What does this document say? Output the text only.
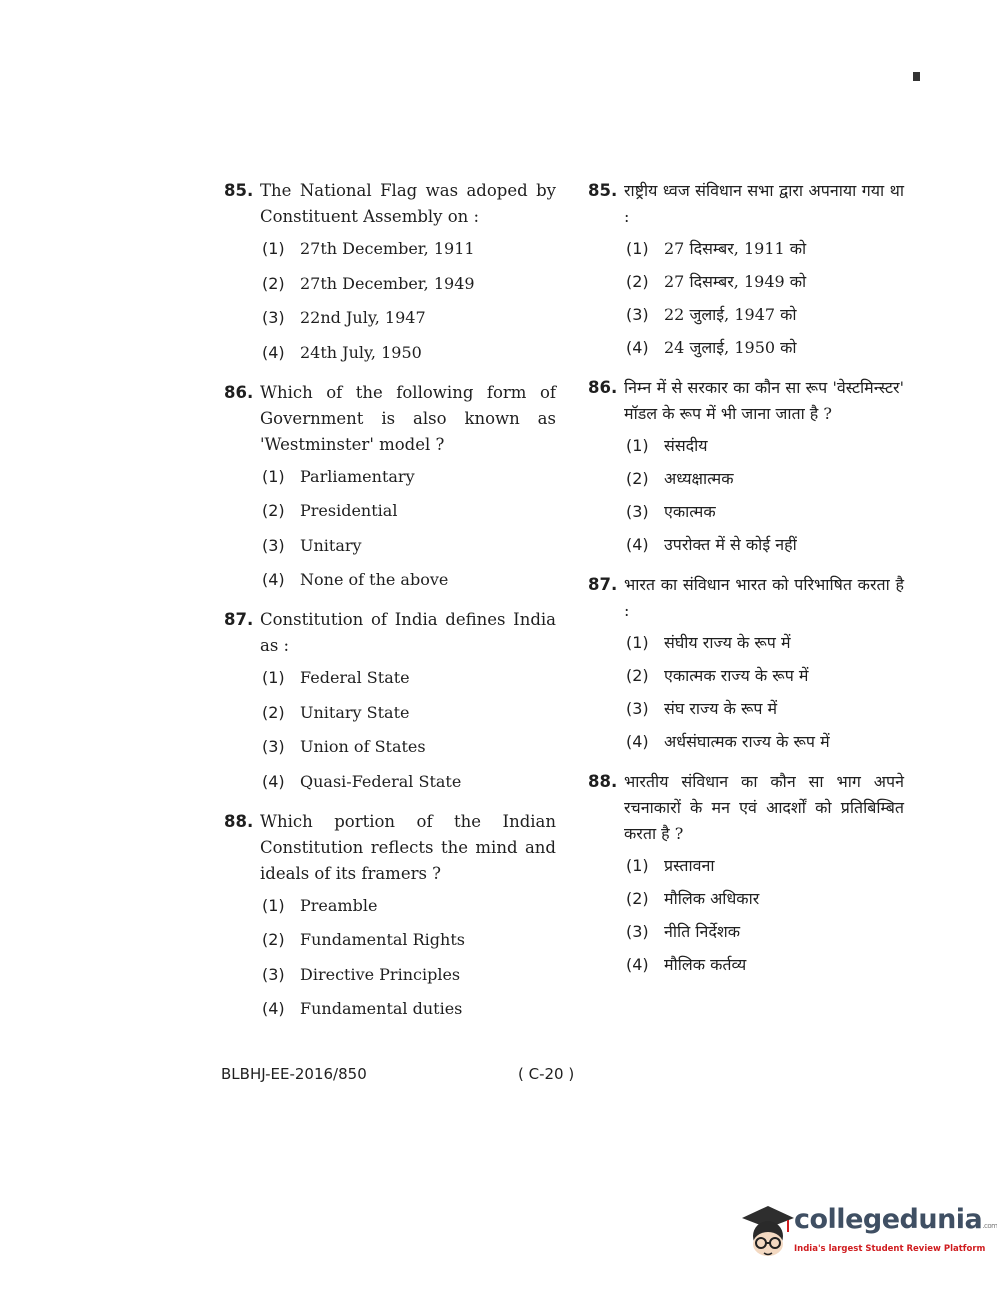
85. The National Flag was adoped by Constituent Assembly on :
(1) 27th December, 1911
(2) 27th December, 1949
(3) 22nd July, 1947
(4) 24th July, 1950
86. Which of the following form of Government is also known as 'Westminster' model ?
(1) Parliamentary
(2) Presidential
(3) Unitary
(4) None of the above
87. Constitution of India defines India as :
(1) Federal State
(2) Unitary State
(3) Union of States
(4) Quasi-Federal State
88. Which portion of the Indian Constitution reflects the mind and ideals of its framers ?
(1) Preamble
(2) Fundamental Rights
(3) Directive Principles
(4) Fundamental duties
85. राष्ट्रीय ध्वज संविधान सभा द्वारा अपनाया गया था :
(1) 27 दिसम्बर, 1911 को
(2) 27 दिसम्बर, 1949 को
(3) 22 जुलाई, 1947 को
(4) 24 जुलाई, 1950 को
86. निम्न में से सरकार का कौन सा रूप 'वेस्टमिन्स्टर' मॉडल के रूप में भी जाना जाता है ?
(1) संसदीय
(2) अध्यक्षात्मक
(3) एकात्मक
(4) उपरोक्त में से कोई नहीं
87. भारत का संविधान भारत को परिभाषित करता है :
(1) संघीय राज्य के रूप में
(2) एकात्मक राज्य के रूप में
(3) संघ राज्य के रूप में
(4) अर्धसंघात्मक राज्य के रूप में
88. भारतीय संविधान का कौन सा भाग अपने रचनाकारों के मन एवं आदर्शों को प्रतिबिम्बित करता है ?
(1) प्रस्तावना
(2) मौलिक अधिकार
(3) नीति निर्देशक
(4) मौलिक कर्तव्य
BLBHJ-EE-2016/850	( C-20 )
collegedunia.com
India's largest Student Review Platform
